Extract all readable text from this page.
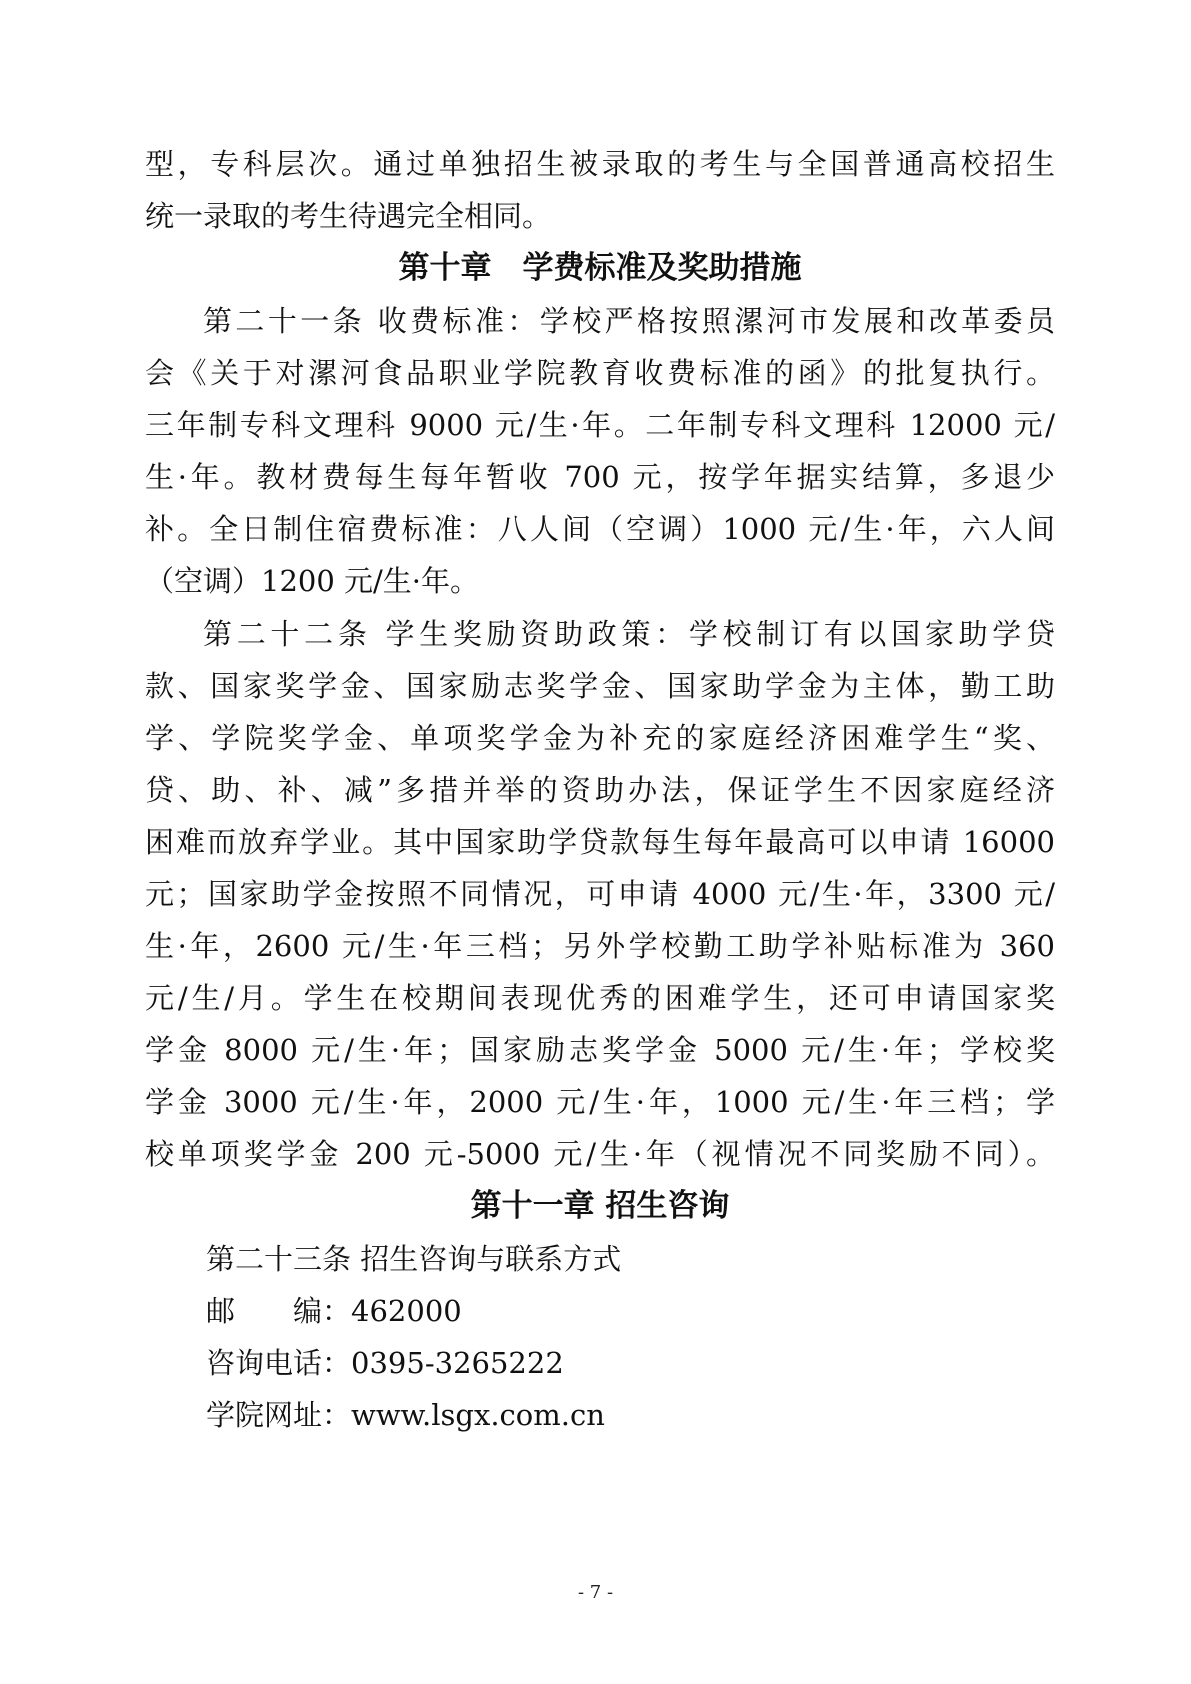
型，专科层次。通过单独招生被录取的考生与全国普通高校招生
统一录取的考生待遇完全相同。
第十章　学费标准及奖助措施
第二十一条 收费标准：学校严格按照漯河市发展和改革委员
会《关于对漯河食品职业学院教育收费标准的函》的批复执行。
三年制专科文理科 9000 元/生·年。二年制专科文理科 12000 元/
生·年。教材费每生每年暂收 700 元，按学年据实结算，多退少
补。全日制住宿费标准：八人间（空调）1000 元/生·年，六人间
（空调）1200 元/生·年。
第二十二条 学生奖励资助政策：学校制订有以国家助学贷
款、国家奖学金、国家励志奖学金、国家助学金为主体，勤工助
学、学院奖学金、单项奖学金为补充的家庭经济困难学生“奖、
贷、助、补、减”多措并举的资助办法，保证学生不因家庭经济
困难而放弃学业。其中国家助学贷款每生每年最高可以申请 16000
元；国家助学金按照不同情况，可申请 4000 元/生·年，3300 元/
生·年，2600 元/生·年三档；另外学校勤工助学补贴标准为 360
元/生/月。学生在校期间表现优秀的困难学生，还可申请国家奖
学金 8000 元/生·年；国家励志奖学金 5000 元/生·年；学校奖
学金 3000 元/生·年，2000 元/生·年，1000 元/生·年三档；学
校单项奖学金 200 元-5000 元/生·年（视情况不同奖励不同）。
第十一章 招生咨询
第二十三条 招生咨询与联系方式
邮　　编：462000
咨询电话：0395-3265222
学院网址：www.lsgx.com.cn
- 7 -
